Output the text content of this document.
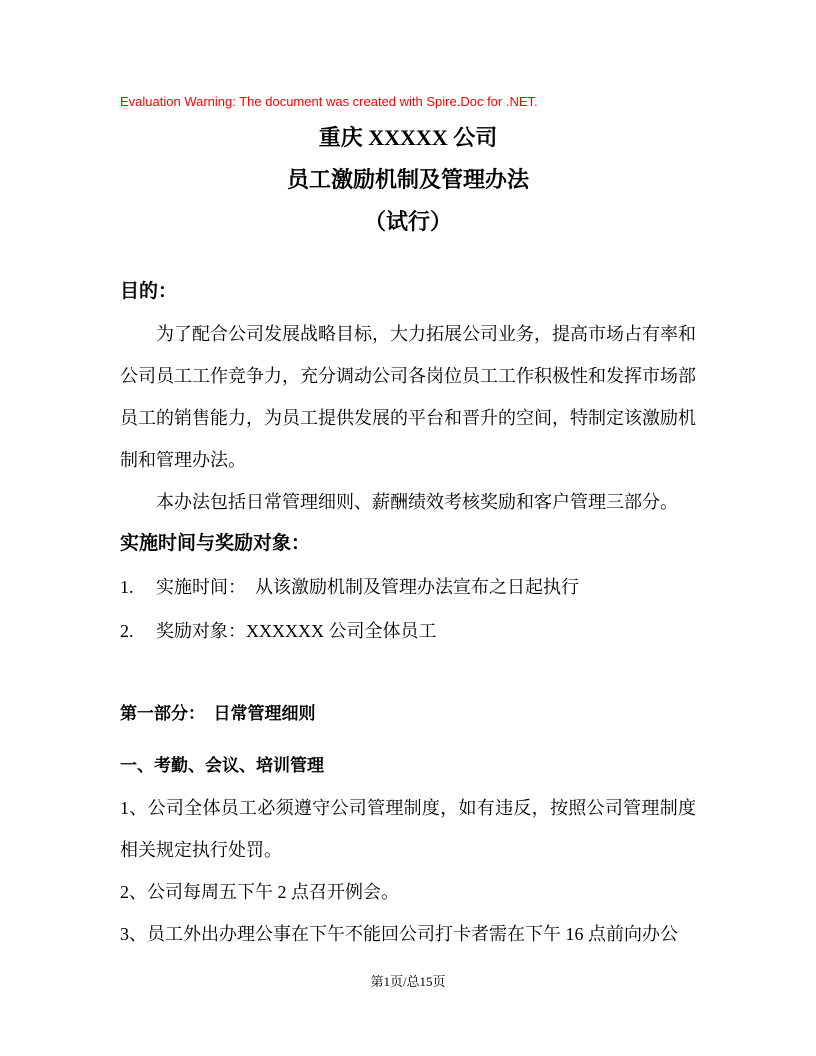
Evaluation Warning: The document was created with Spire.Doc for .NET.

重庆 XXXXX 公司
员工激励机制及管理办法
（试行）
目的：

为了配合公司发展战略目标，大力拓展公司业务，提高市场占有率和公司员工工作竞争力，充分调动公司各岗位员工工作积极性和发挥市场部员工的销售能力，为员工提供发展的平台和晋升的空间，特制定该激励机制和管理办法。

本办法包括日常管理细则、薪酬绩效考核奖励和客户管理三部分。

实施时间与奖励对象：
1.	实施时间：  从该激励机制及管理办法宣布之日起执行
2.	奖励对象：XXXXXX 公司全体员工
第一部分：  日常管理细则
一、考勤、会议、培训管理

1、公司全体员工必须遵守公司管理制度，如有违反，按照公司管理制度相关规定执行处罚。

2、公司每周五下午 2 点召开例会。

3、员工外出办理公事在下午不能回公司打卡者需在下午 16 点前向办公

第1页/总15页
